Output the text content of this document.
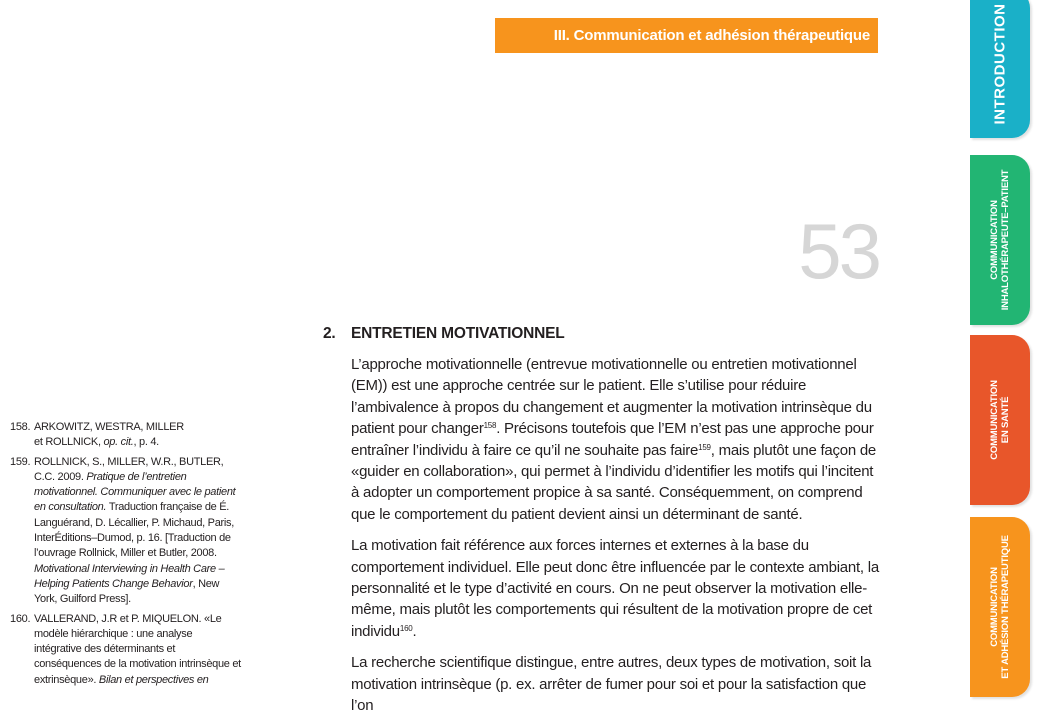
III. Communication et adhésion thérapeutique
53
2. ENTRETIEN MOTIVATIONNEL

L’approche motivationnelle (entrevue motivationnelle ou entretien motivationnel (EM)) est une approche centrée sur le patient. Elle s’utilise pour réduire l’ambivalence à propos du changement et augmenter la motivation intrinsèque du patient pour changer$^{158}$. Précisons toutefois que l’EM n’est pas une approche pour entraîner l’individu à faire ce qu’il ne souhaite pas faire$^{159}$, mais plutôt une façon de «guider en collaboration», qui permet à l’individu d’identifier les motifs qui l’incitent à adopter un comportement propice à sa santé. Conséquemment, on comprend que le comportement du patient devient ainsi un déterminant de santé.

La motivation fait référence aux forces internes et externes à la base du comportement individuel. Elle peut donc être influencée par le contexte ambiant, la personnalité et le type d’activité en cours. On ne peut observer la motivation elle-même, mais plutôt les comportements qui résultent de la motivation propre de cet individu$^{160}$.

La recherche scientifique distingue, entre autres, deux types de motivation, soit la motivation intrinsèque (p. ex. arrêter de fumer pour soi et pour la satisfaction que l’on

158. ARKOWITZ, WESTRA, MILLER
et ROLLNICK, op. cit., p. 4.
159. ROLLNICK, S., MILLER, W.R., BUTLER, C.C. 2009. Pratique de l’entretien motivationnel. Communiquer avec le patient en consultation. Traduction française de É. Languérand, D. Lécallier, P. Michaud, Paris, InterÉditions–Dumod, p. 16. [Traduction de l’ouvrage Rollnick, Miller et Butler, 2008. Motivational Interviewing in Health Care – Helping Patients Change Behavior, New York, Guilford Press].
160. VALLERAND, J.R et P. MIQUELON. «Le modèle hiérarchique : une analyse intégrative des déterminants et conséquences de la motivation intrinsèque et extrinsèque». Bilan et perspectives en
INTRODUCTION
COMMUNICATION INHALOTHÉRAPEUTE–PATIENT
COMMUNICATION EN SANTÉ
COMMUNICATION ET ADHÉSION THÉRAPEUTIQUE
